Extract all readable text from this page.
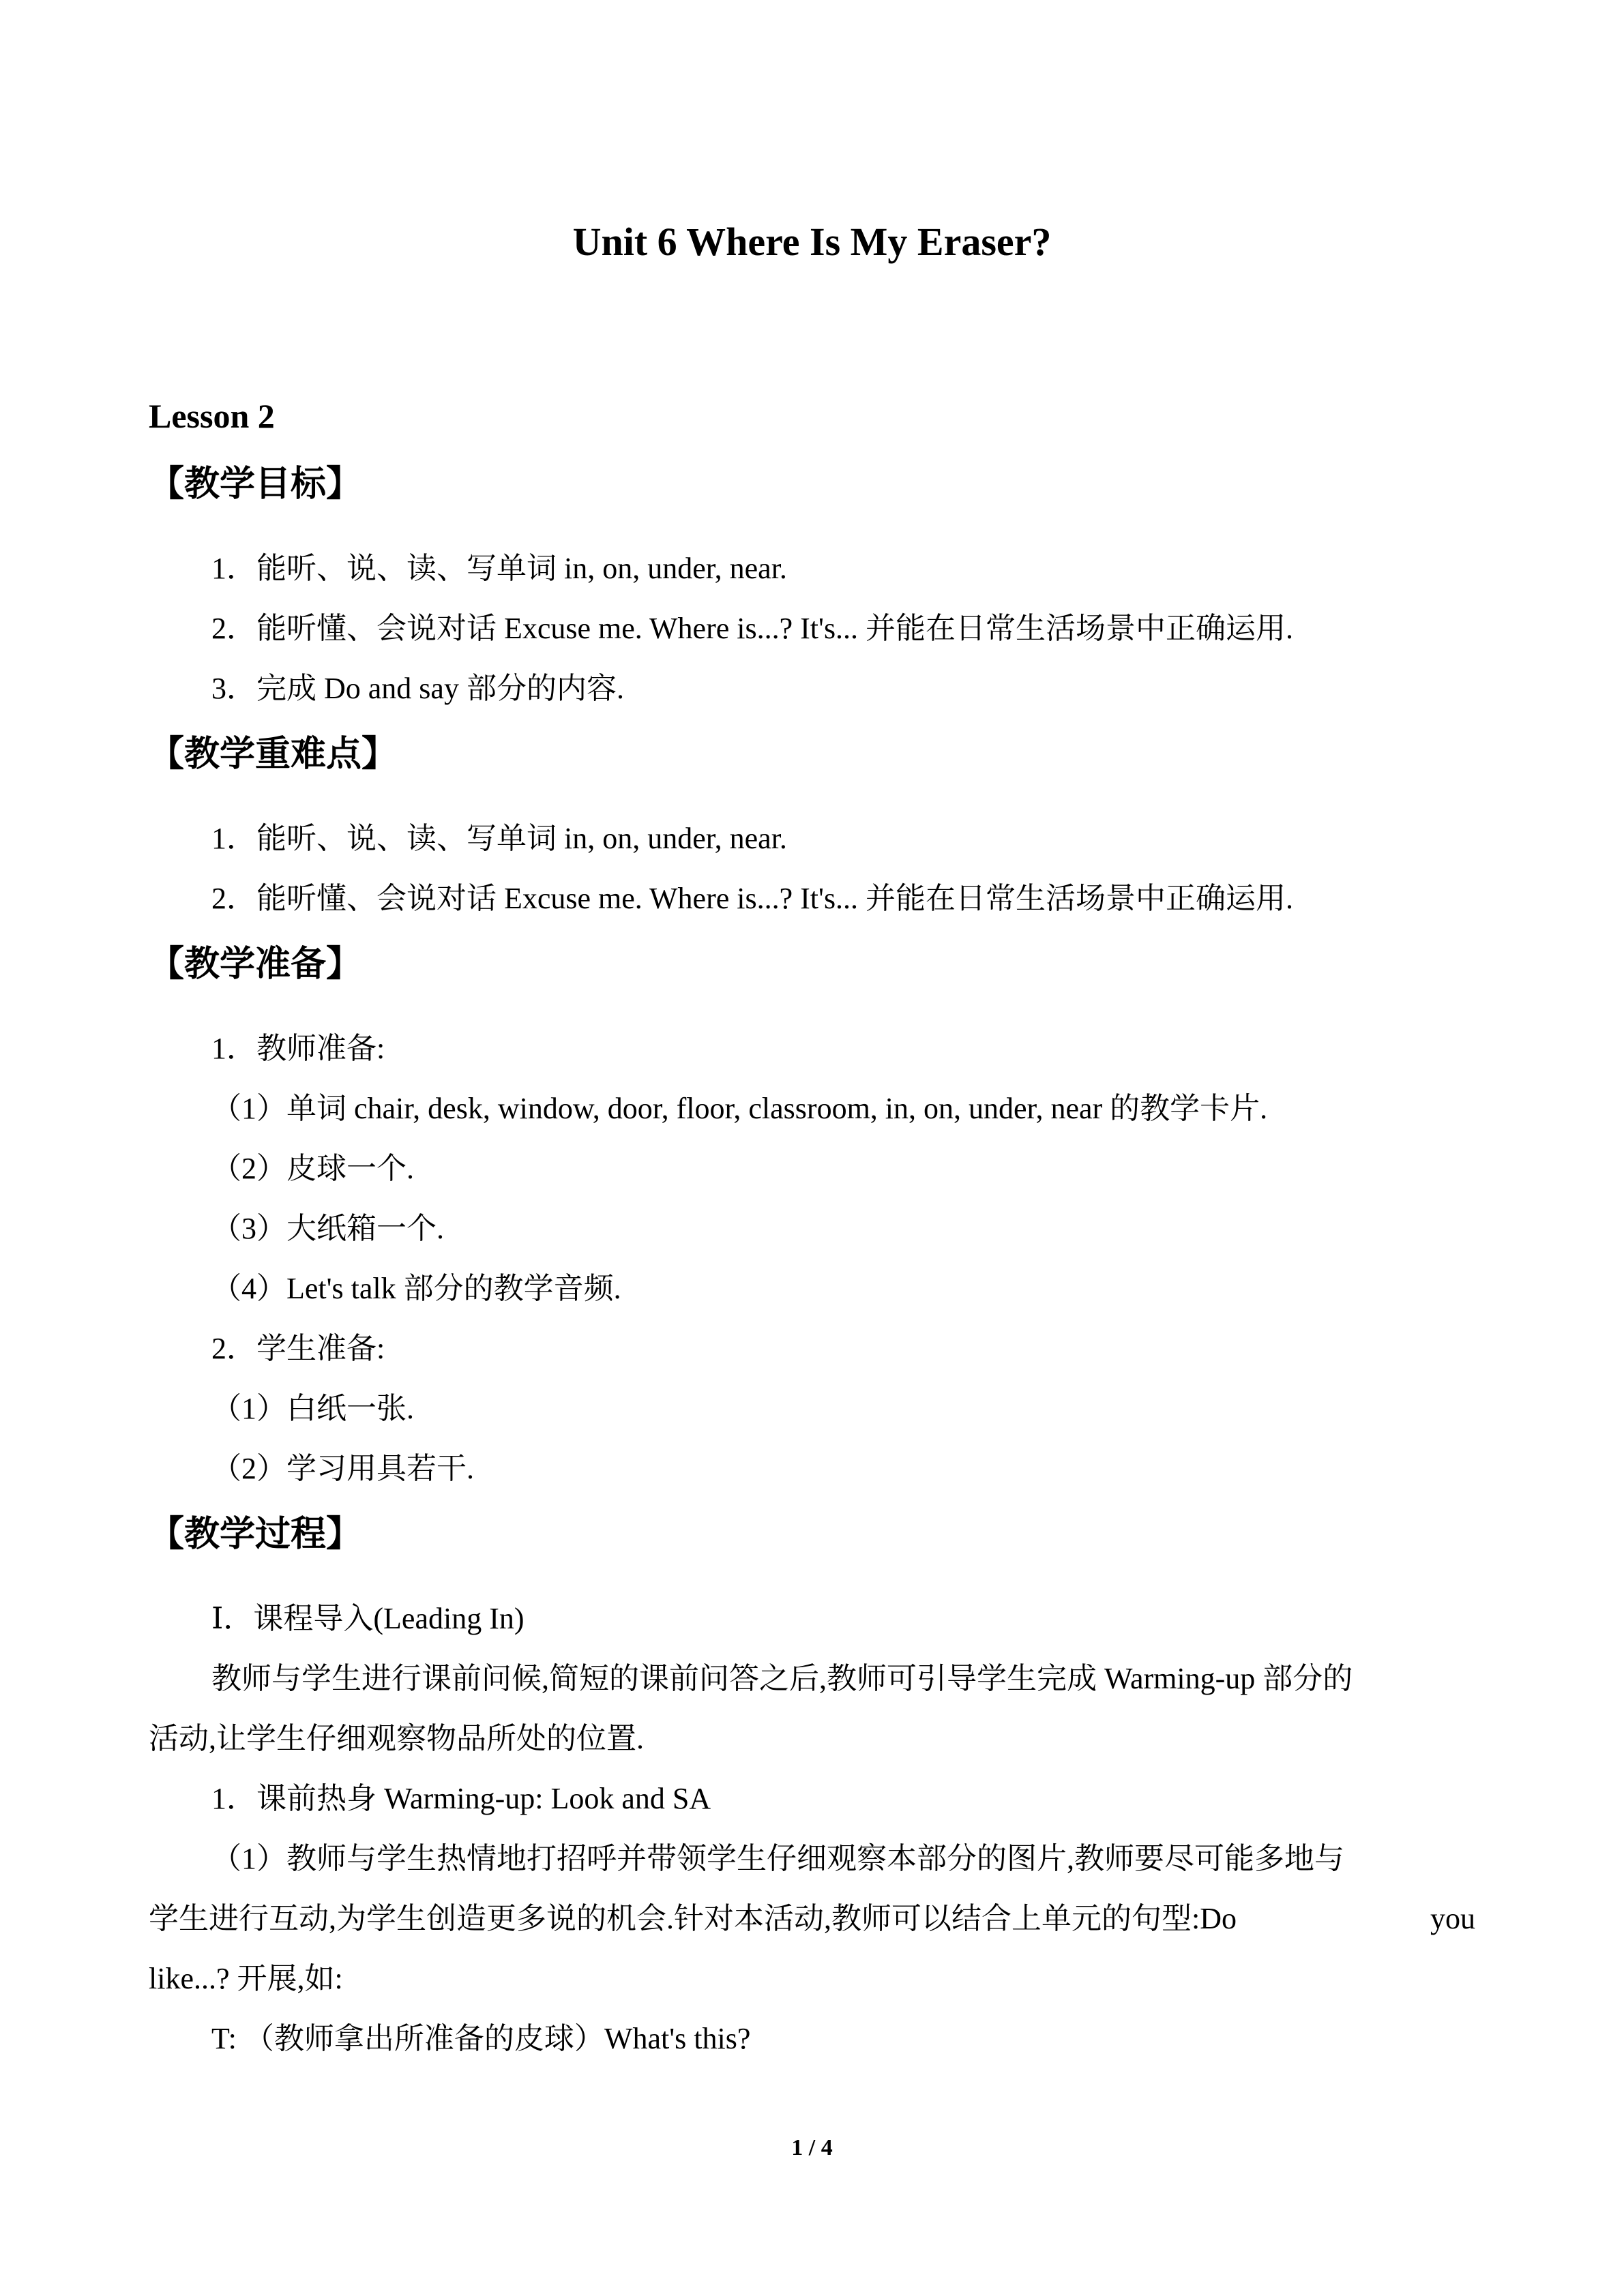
Unit 6 Where Is My Eraser?
Lesson 2
【教学目标】
1．能听、说、读、写单词 in, on, under, near.
2．能听懂、会说对话 Excuse me. Where is...? It's... 并能在日常生活场景中正确运用.
3．完成 Do and say 部分的内容.
【教学重难点】
1．能听、说、读、写单词 in, on, under, near.
2．能听懂、会说对话 Excuse me. Where is...? It's... 并能在日常生活场景中正确运用.
【教学准备】
1．教师准备:
（1）单词 chair, desk, window, door, floor, classroom, in, on, under, near 的教学卡片.
（2）皮球一个.
（3）大纸箱一个.
（4）Let's talk 部分的教学音频.
2．学生准备:
（1）白纸一张.
（2）学习用具若干.
【教学过程】
Ⅰ．课程导入(Leading In)
教师与学生进行课前问候,简短的课前问答之后,教师可引导学生完成 Warming-up 部分的
活动,让学生仔细观察物品所处的位置.
1．课前热身 Warming-up: Look and SA
（1）教师与学生热情地打招呼并带领学生仔细观察本部分的图片,教师要尽可能多地与
学生进行互动,为学生创造更多说的机会.针对本活动,教师可以结合上单元的句型:Do	you
like...? 开展,如:
T: （教师拿出所准备的皮球）What's this?
1 / 4
